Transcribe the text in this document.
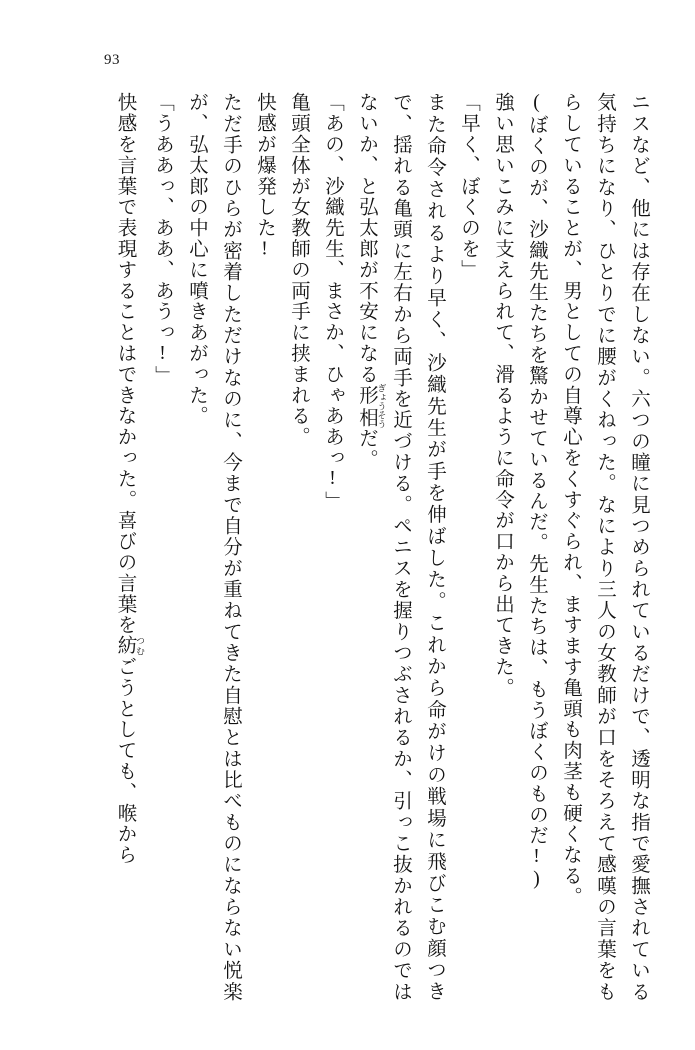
93

ニスなど、他には存在しない。六つの瞳に見つめられているだけで、透明な指で愛撫されている気持ちになり、ひとりでに腰がくねった。なにより三人の女教師が口をそろえて感嘆の言葉をもらしていることが、男としての自尊心をくすぐられ、ますます亀頭も肉茎も硬くなる。

(ぼくのが、沙織先生たちを驚かせているんだ。先生たちは、もうぼくのものだ!)

強い思いこみに支えられて、滑るように命令が口から出てきた。

「早く、ぼくのを」

また命令されるより早く、沙織先生が手を伸ばした。これから命がけの戦場に飛びこむ顔つきで、揺れる亀頭に左右から両手を近づける。ペニスを握りつぶされるか、引っこ抜かれるのではないか、と弘太郎が不安になる形相 ぎょうそうだ。

「あの、沙織先生、まさか、ひゃああっ!」

亀頭全体が女教師の両手に挟まれる。

快感が爆発した!

ただ手のひらが密着しただけなのに、今まで自分が重ねてきた自慰とは比べものにならない悦楽が、弘太郎の中心に噴きあがった。

「うああっ、ああ、あうっ!」

快感を言葉で表現することはできなかった。喜びの言葉を紡 つむごうとしても、喉から
